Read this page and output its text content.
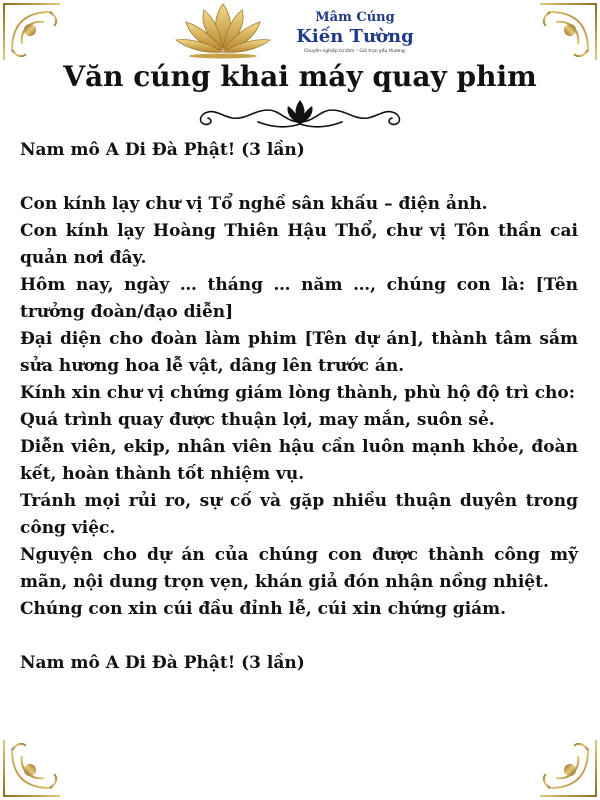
Mâm Cúng
Kiến Tường
Chuyên nghiệp từ tâm – Gửi trọn yêu thương.
Văn cúng khai máy quay phim

Nam mô A Di Đà Phật! (3 lần)

Con kính lạy chư vị Tổ nghề sân khấu – điện ảnh.

Con kính lạy Hoàng Thiên Hậu Thổ, chư vị Tôn thần cai quản nơi đây.

Hôm nay, ngày … tháng … năm …, chúng con là: [Tên trưởng đoàn/đạo diễn]

Đại diện cho đoàn làm phim [Tên dự án], thành tâm sắm sửa hương hoa lễ vật, dâng lên trước án.

Kính xin chư vị chứng giám lòng thành, phù hộ độ trì cho:

Quá trình quay được thuận lợi, may mắn, suôn sẻ.

Diễn viên, ekip, nhân viên hậu cần luôn mạnh khỏe, đoàn kết, hoàn thành tốt nhiệm vụ.

Tránh mọi rủi ro, sự cố và gặp nhiều thuận duyên trong công việc.

Nguyện cho dự án của chúng con được thành công mỹ mãn, nội dung trọn vẹn, khán giả đón nhận nồng nhiệt.

Chúng con xin cúi đầu đỉnh lễ, cúi xin chứng giám.

Nam mô A Di Đà Phật! (3 lần)
